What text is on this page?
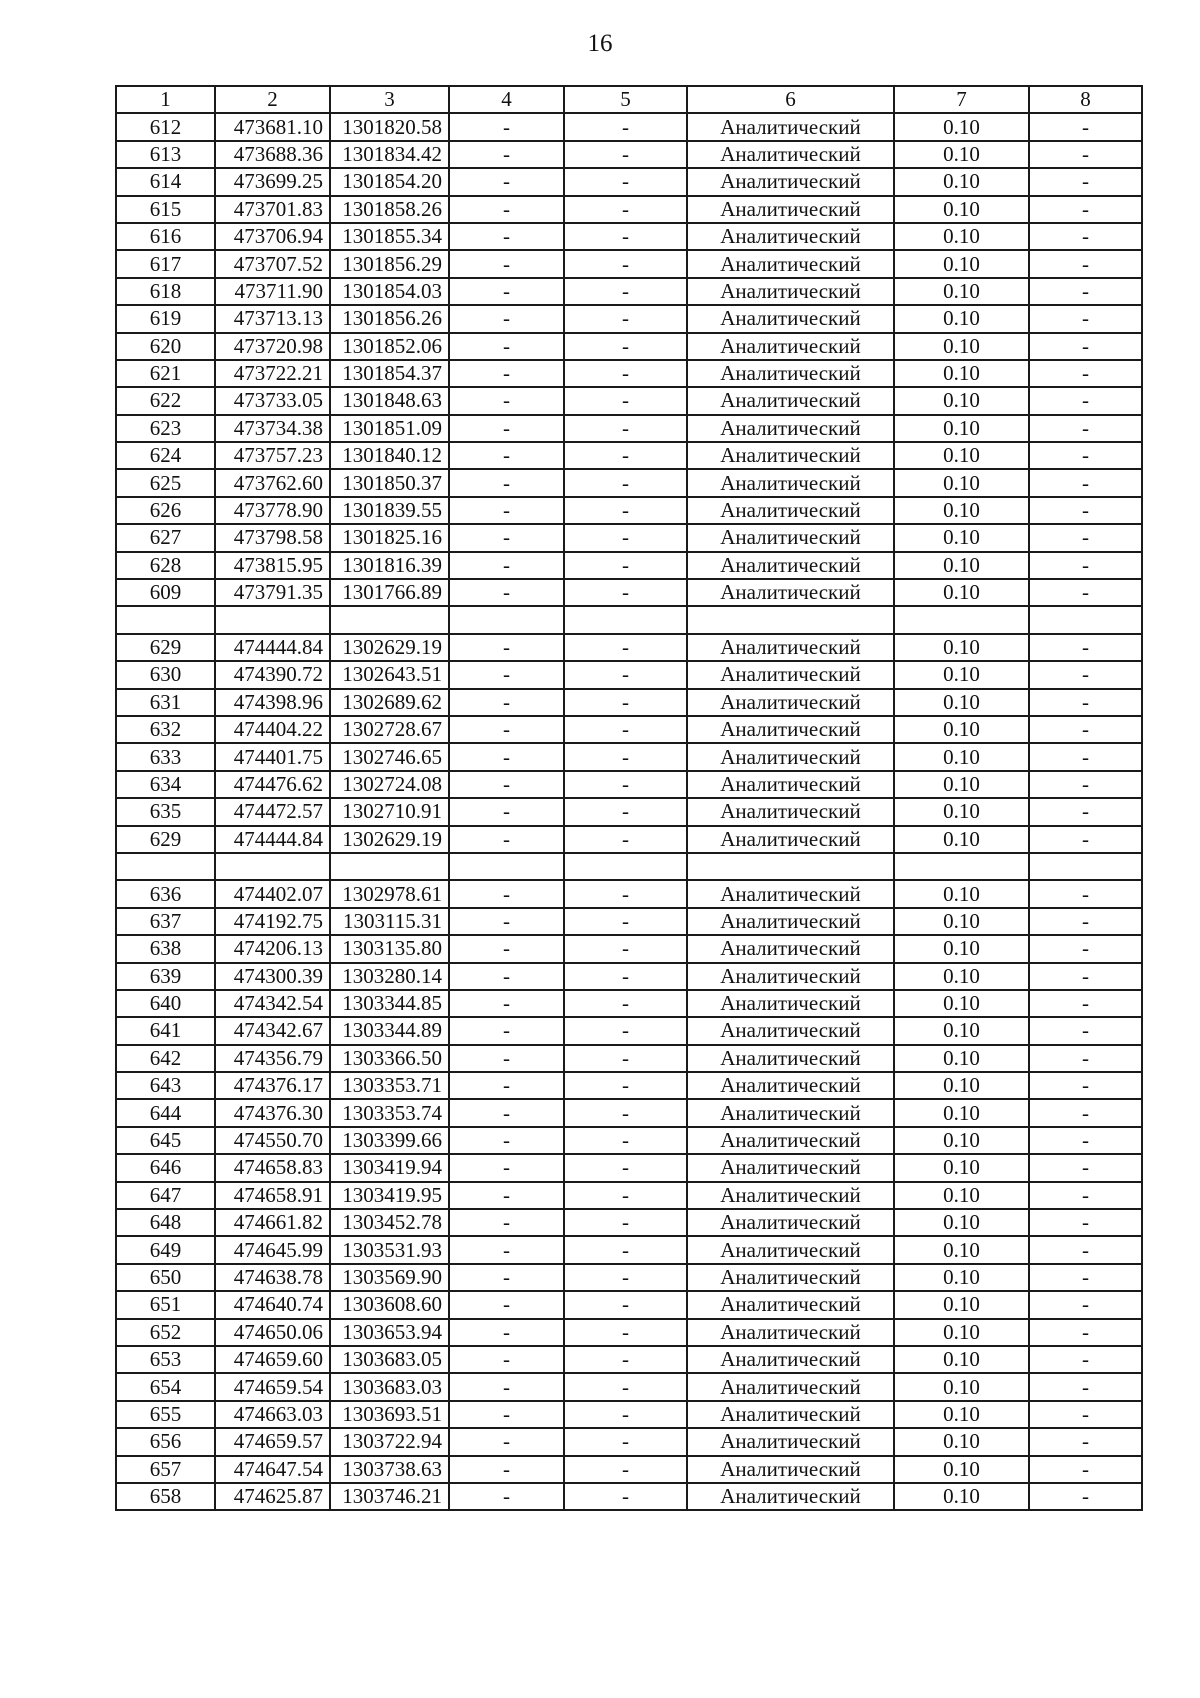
16
1	2	3	4	5	6	7	8
612	473681.10	1301820.58	-	-	Аналитический	0.10	-
613	473688.36	1301834.42	-	-	Аналитический	0.10	-
614	473699.25	1301854.20	-	-	Аналитический	0.10	-
615	473701.83	1301858.26	-	-	Аналитический	0.10	-
616	473706.94	1301855.34	-	-	Аналитический	0.10	-
617	473707.52	1301856.29	-	-	Аналитический	0.10	-
618	473711.90	1301854.03	-	-	Аналитический	0.10	-
619	473713.13	1301856.26	-	-	Аналитический	0.10	-
620	473720.98	1301852.06	-	-	Аналитический	0.10	-
621	473722.21	1301854.37	-	-	Аналитический	0.10	-
622	473733.05	1301848.63	-	-	Аналитический	0.10	-
623	473734.38	1301851.09	-	-	Аналитический	0.10	-
624	473757.23	1301840.12	-	-	Аналитический	0.10	-
625	473762.60	1301850.37	-	-	Аналитический	0.10	-
626	473778.90	1301839.55	-	-	Аналитический	0.10	-
627	473798.58	1301825.16	-	-	Аналитический	0.10	-
628	473815.95	1301816.39	-	-	Аналитический	0.10	-
609	473791.35	1301766.89	-	-	Аналитический	0.10	-

629	474444.84	1302629.19	-	-	Аналитический	0.10	-
630	474390.72	1302643.51	-	-	Аналитический	0.10	-
631	474398.96	1302689.62	-	-	Аналитический	0.10	-
632	474404.22	1302728.67	-	-	Аналитический	0.10	-
633	474401.75	1302746.65	-	-	Аналитический	0.10	-
634	474476.62	1302724.08	-	-	Аналитический	0.10	-
635	474472.57	1302710.91	-	-	Аналитический	0.10	-
629	474444.84	1302629.19	-	-	Аналитический	0.10	-

636	474402.07	1302978.61	-	-	Аналитический	0.10	-
637	474192.75	1303115.31	-	-	Аналитический	0.10	-
638	474206.13	1303135.80	-	-	Аналитический	0.10	-
639	474300.39	1303280.14	-	-	Аналитический	0.10	-
640	474342.54	1303344.85	-	-	Аналитический	0.10	-
641	474342.67	1303344.89	-	-	Аналитический	0.10	-
642	474356.79	1303366.50	-	-	Аналитический	0.10	-
643	474376.17	1303353.71	-	-	Аналитический	0.10	-
644	474376.30	1303353.74	-	-	Аналитический	0.10	-
645	474550.70	1303399.66	-	-	Аналитический	0.10	-
646	474658.83	1303419.94	-	-	Аналитический	0.10	-
647	474658.91	1303419.95	-	-	Аналитический	0.10	-
648	474661.82	1303452.78	-	-	Аналитический	0.10	-
649	474645.99	1303531.93	-	-	Аналитический	0.10	-
650	474638.78	1303569.90	-	-	Аналитический	0.10	-
651	474640.74	1303608.60	-	-	Аналитический	0.10	-
652	474650.06	1303653.94	-	-	Аналитический	0.10	-
653	474659.60	1303683.05	-	-	Аналитический	0.10	-
654	474659.54	1303683.03	-	-	Аналитический	0.10	-
655	474663.03	1303693.51	-	-	Аналитический	0.10	-
656	474659.57	1303722.94	-	-	Аналитический	0.10	-
657	474647.54	1303738.63	-	-	Аналитический	0.10	-
658	474625.87	1303746.21	-	-	Аналитический	0.10	-
